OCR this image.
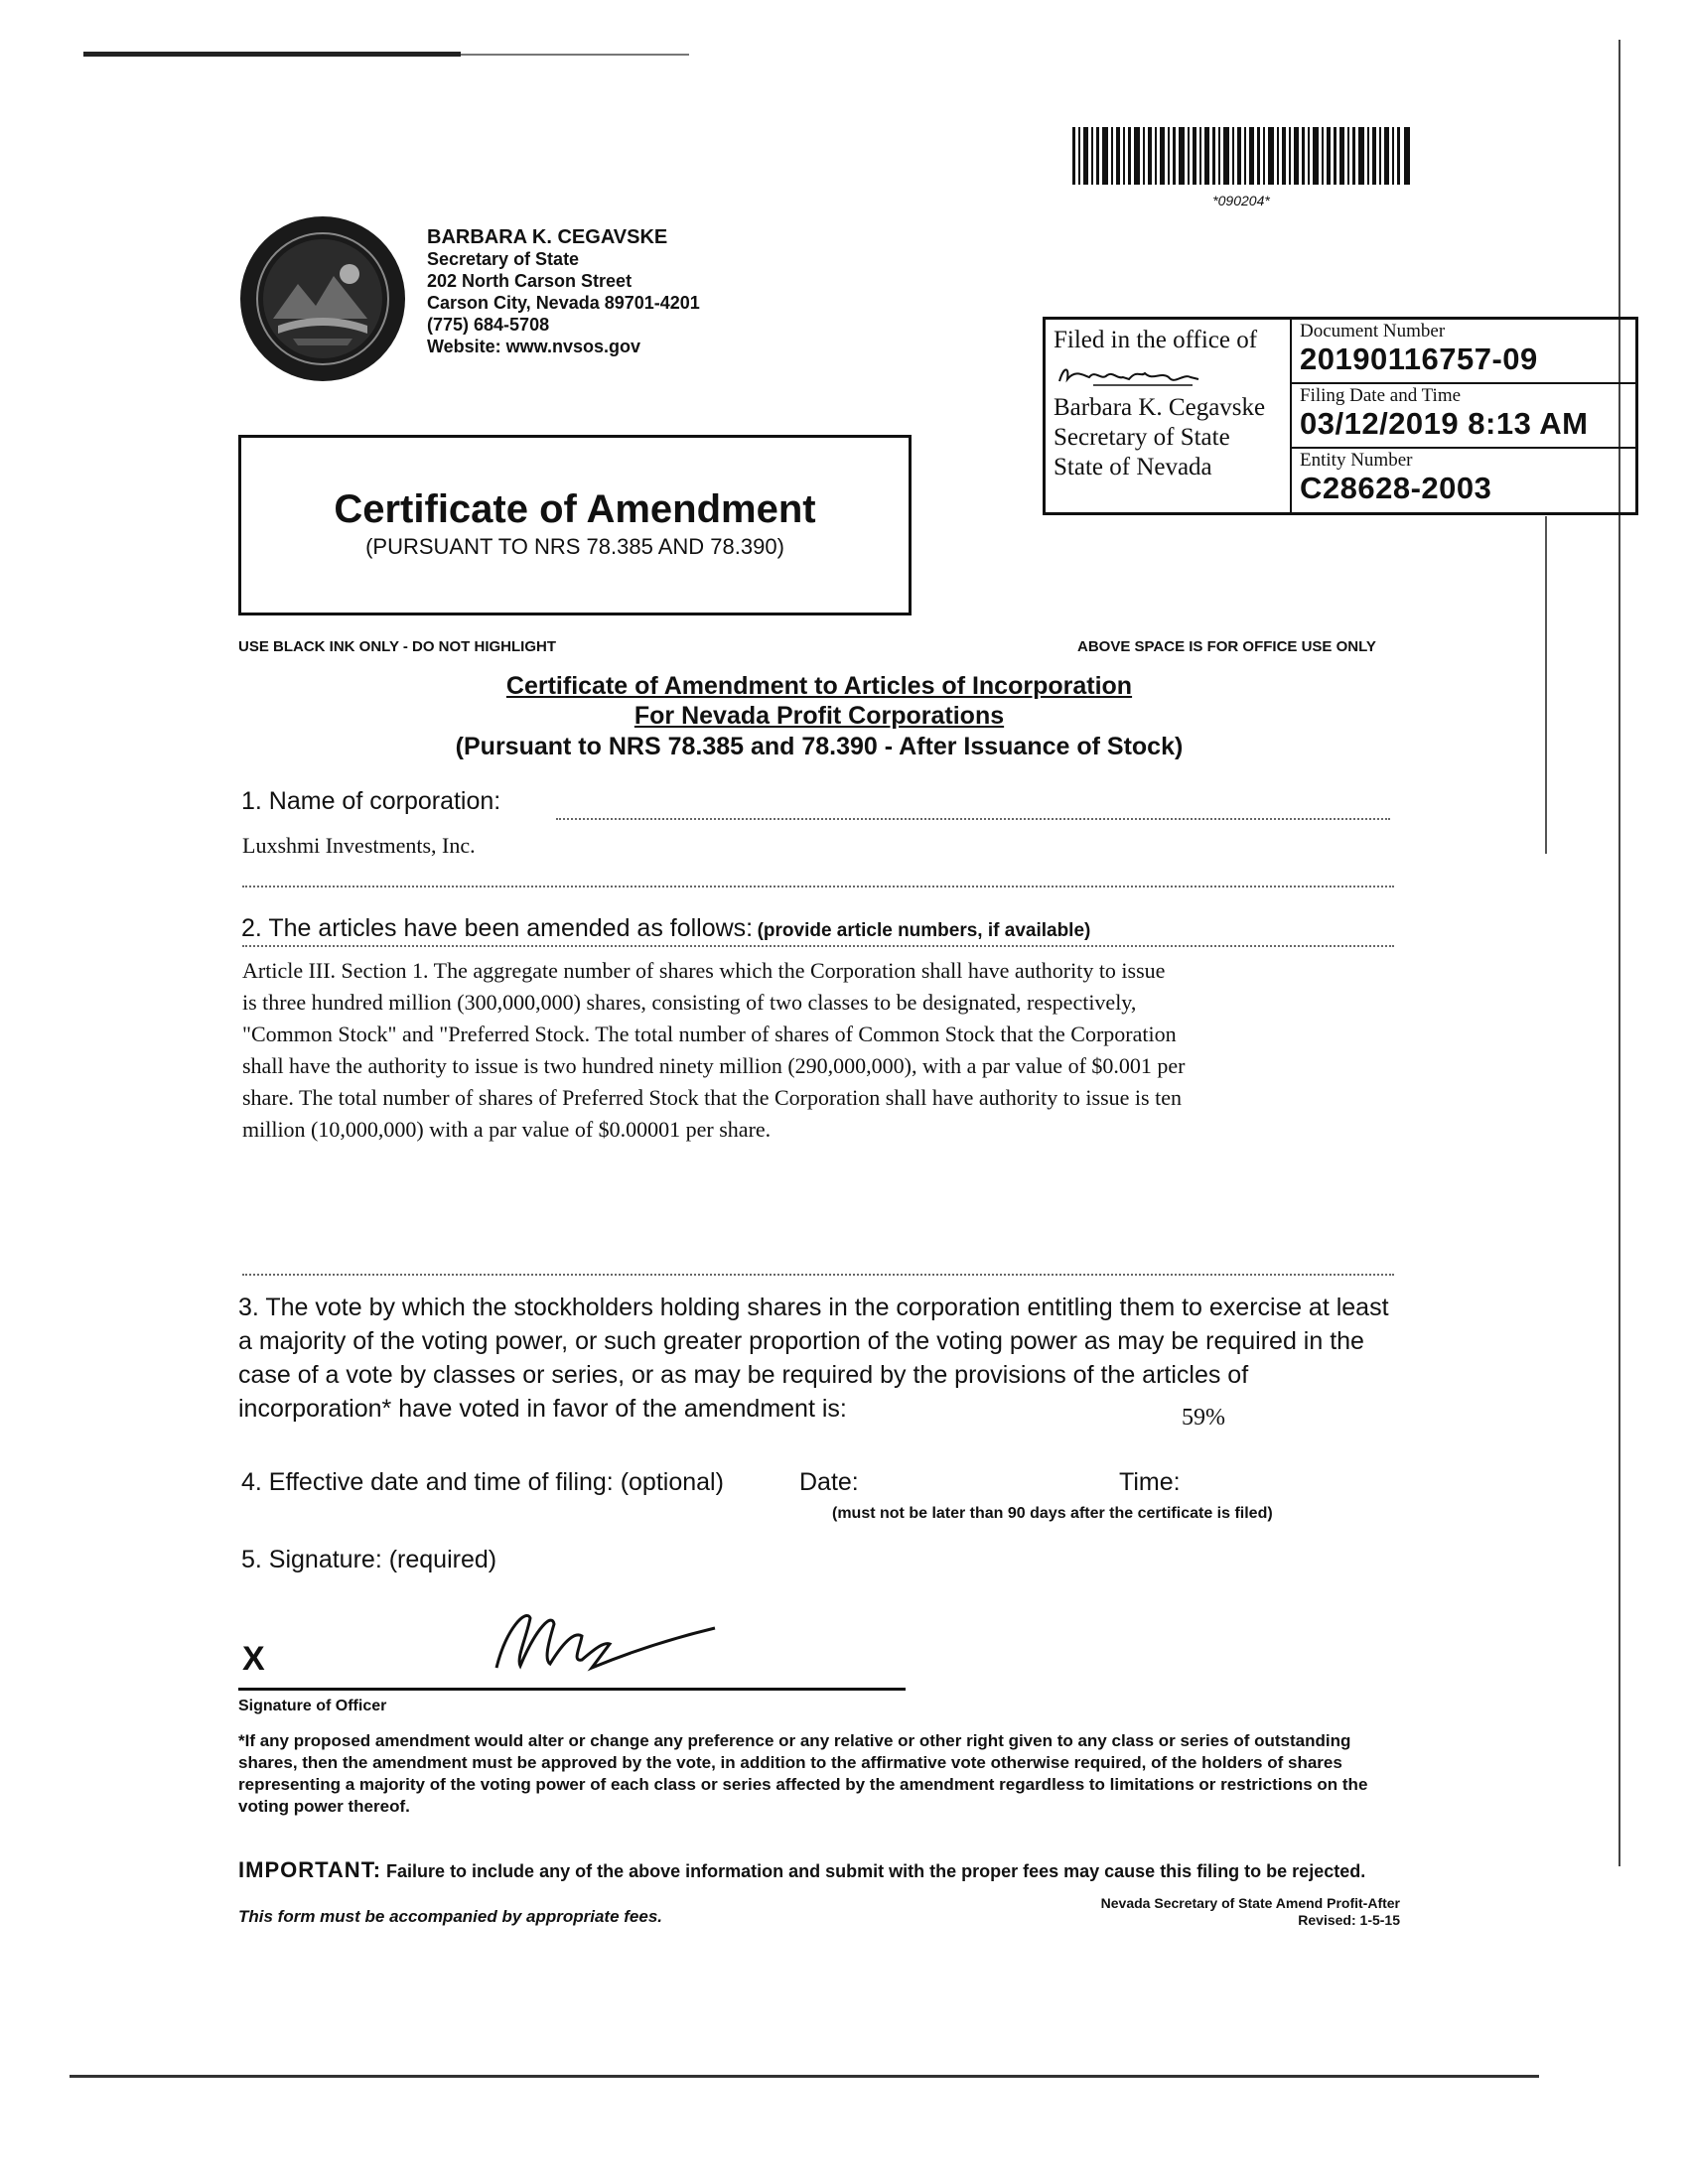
*090204*
BARBARA K. CEGAVSKE
Secretary of State
202 North Carson Street
Carson City, Nevada 89701-4201
(775) 684-5708
Website: www.nvsos.gov	Filed in the office of
Barbara K. Cegavske
Secretary of State
State of Nevada
Document Number
20190116757-09
Filing Date and Time
03/12/2019 8:13 AM
Entity Number
C28628-2003
Certificate of Amendment
(PURSUANT TO NRS 78.385 AND 78.390)
USE BLACK INK ONLY - DO NOT HIGHLIGHT	ABOVE SPACE IS FOR OFFICE USE ONLY
Certificate of Amendment to Articles of Incorporation
For Nevada Profit Corporations
(Pursuant to NRS 78.385 and 78.390 - After Issuance of Stock)
1. Name of corporation:
Luxshmi Investments, Inc.
2. The articles have been amended as follows: (provide article numbers, if available)
Article III. Section 1. The aggregate number of shares which the Corporation shall have authority to issue
is three hundred million (300,000,000) shares, consisting of two classes to be designated, respectively,
"Common Stock" and "Preferred Stock. The total number of shares of Common Stock that the Corporation
shall have the authority to issue is two hundred ninety million (290,000,000), with a par value of $0.001 per
share. The total number of shares of Preferred Stock that the Corporation shall have authority to issue is ten
million (10,000,000) with a par value of $0.00001 per share.
3. The vote by which the stockholders holding shares in the corporation entitling them to exercise at least a majority of the voting power, or such greater proportion of the voting power as may be required in the case of a vote by classes or series, or as may be required by the provisions of the articles of incorporation* have voted in favor of the amendment is:	59%
4. Effective date and time of filing: (optional)	Date:	Time:
(must not be later than 90 days after the certificate is filed)
5. Signature: (required)
X
Signature of Officer
*If any proposed amendment would alter or change any preference or any relative or other right given to any class or series of outstanding shares, then the amendment must be approved by the vote, in addition to the affirmative vote otherwise required, of the holders of shares representing a majority of the voting power of each class or series affected by the amendment regardless to limitations or restrictions on the voting power thereof.
IMPORTANT: Failure to include any of the above information and submit with the proper fees may cause this filing to be rejected.
This form must be accompanied by appropriate fees.
Nevada Secretary of State Amend Profit-After
Revised: 1-5-15
